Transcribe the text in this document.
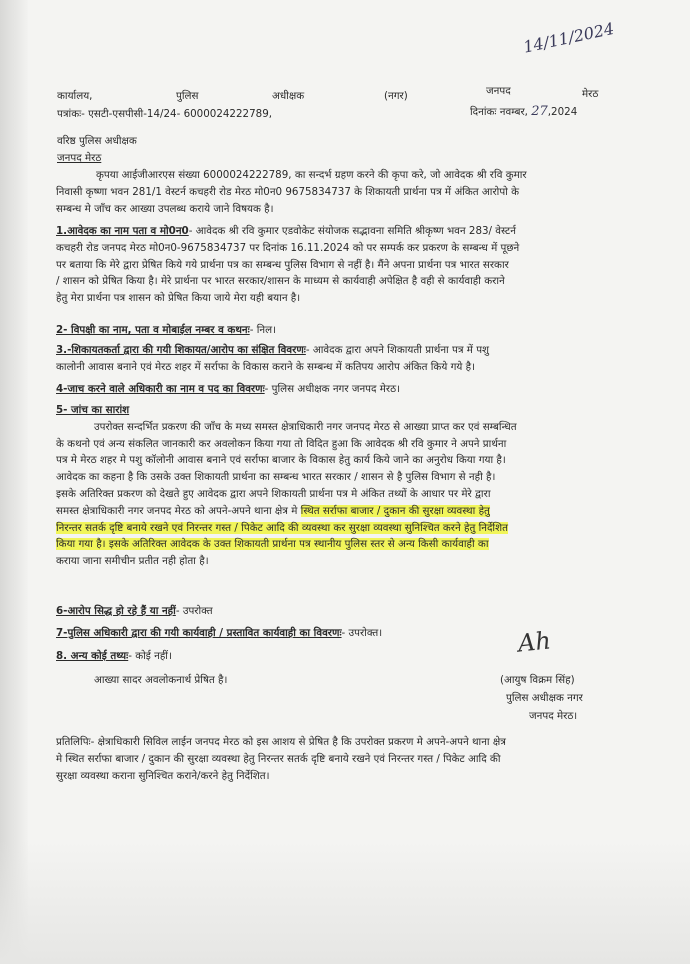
14/11/2024
कार्यालय,	पुलिस	अधीक्षक	(नगर)	जनपद	मेरठ
पत्रांकः- एसटी-एसपीसी-14/24- 6000024222789,	दिनांकः नवम्बर, 27,2024
वरिष्ठ पुलिस अधीक्षक
जनपद मेरठ
कृपया आईजीआरएस संख्या 6000024222789, का सन्दर्भ ग्रहण करने की कृपा करे, जो आवेदक श्री रवि कुमार
निवासी कृष्णा भवन 281/1 वेस्टर्न कचहरी रोड मेरठ मो0न0 9675834737 के शिकायती प्रार्थना पत्र में अंकित आरोपो के
सम्बन्ध मे जाँच कर आख्या उपलब्ध कराये जाने विषयक है।
1.आवेदक का नाम पता व मो0न0- आवेदक श्री रवि कुमार एडवोकेट संयोजक सद्भावना समिति श्रीकृष्ण भवन 283/ वेस्टर्न
कचहरी रोड जनपद मेरठ मो0न0-9675834737 पर दिनांक 16.11.2024 को पर सम्पर्क कर प्रकरण के सम्बन्ध में पूछने
पर बताया कि मेरे द्वारा प्रेषित किये गये प्रार्थना पत्र का सम्बन्ध पुलिस विभाग से नहीं है। मैंने अपना प्रार्थना पत्र भारत सरकार
/ शासन को प्रेषित किया है। मेरे प्रार्थना पर भारत सरकार/शासन के माध्यम से कार्यवाही अपेक्षित है वही से कार्यवाही कराने
हेतु मेरा प्रार्थना पत्र शासन को प्रेषित किया जाये मेरा यही बयान है।
2- विपक्षी का नाम, पता व मोबाईल नम्बर व कथनः- निल।
3.-शिकायतकर्ता द्वारा की गयी शिकायत/आरोप का संक्षित विवरणः- आवेदक द्वारा अपने शिकायती प्रार्थना पत्र में पशु
कालोनी आवास बनाने एवं मेरठ शहर में सर्राफा के विकास कराने के सम्बन्ध में कतिपय आरोप अंकित किये गये है।
4-जाच करने वाले अधिकारी का नाम व पद का विवरणः- पुलिस अधीक्षक नगर जनपद मेरठ।
5- जांच का सारांश
उपरोक्त सन्दर्भित प्रकरण की जाँच के मध्य समस्त क्षेत्राधिकारी नगर जनपद मेरठ से आख्या प्राप्त कर एवं सम्बन्धित
के कथनो एवं अन्य संकलित जानकारी कर अवलोकन किया गया तो विदित हुआ कि आवेदक श्री रवि कुमार ने अपने प्रार्थना
पत्र मे मेरठ शहर मे पशु कॉलोनी आवास बनाने एवं सर्राफा बाजार के विकास हेतु कार्य किये जाने का अनुरोध किया गया है।
आवेदक का कहना है कि उसके उक्त शिकायती प्रार्थना का सम्बन्ध भारत सरकार / शासन से है पुलिस विभाग से नही है।
इसके अतिरिक्त प्रकरण को देखते हुए आवेदक द्वारा अपने शिकायती प्रार्थना पत्र मे अंकित तथ्यों के आधार पर मेरे द्वारा
समस्त क्षेत्राधिकारी नगर जनपद मेरठ को अपने-अपने थाना क्षेत्र मे स्थित सर्राफा बाजार / दुकान की सुरक्षा व्यवस्था हेतु
निरन्तर सतर्क दृष्टि बनाये रखने एवं निरन्तर गस्त / पिकेट आदि की व्यवस्था कर सुरक्षा व्यवस्था सुनिश्चित करने हेतु निर्देशित
किया गया है। इसके अतिरिक्त आवेदक के उक्त शिकायती प्रार्थना पत्र स्थानीय पुलिस स्तर से अन्य किसी कार्यवाही का
कराया जाना समीचीन प्रतीत नही होता है।
6-आरोप सिद्ध हो रहे हैं या नहीं- उपरोक्त
7-पुलिस अधिकारी द्वारा की गयी कार्यवाही / प्रस्तावित कार्यवाही का विवरणः- उपरोक्त।
8. अन्य कोई तथ्यः- कोई नहीं।
आख्या सादर अवलोकनार्थ प्रेषित है।
Ah
(आयुष विक्रम सिंह)
पुलिस अधीक्षक नगर
जनपद मेरठ।
प्रतिलिपिः- क्षेत्राधिकारी सिविल लाईन जनपद मेरठ को इस आशय से प्रेषित है कि उपरोक्त प्रकरण मे अपने-अपने थाना क्षेत्र
मे स्थित सर्राफा बाजार / दुकान की सुरक्षा व्यवस्था हेतु निरन्तर सतर्क दृष्टि बनाये रखने एवं निरन्तर गस्त / पिकेट आदि की
सुरक्षा व्यवस्था कराना सुनिश्चित कराने/करने हेतु निर्देशित।
